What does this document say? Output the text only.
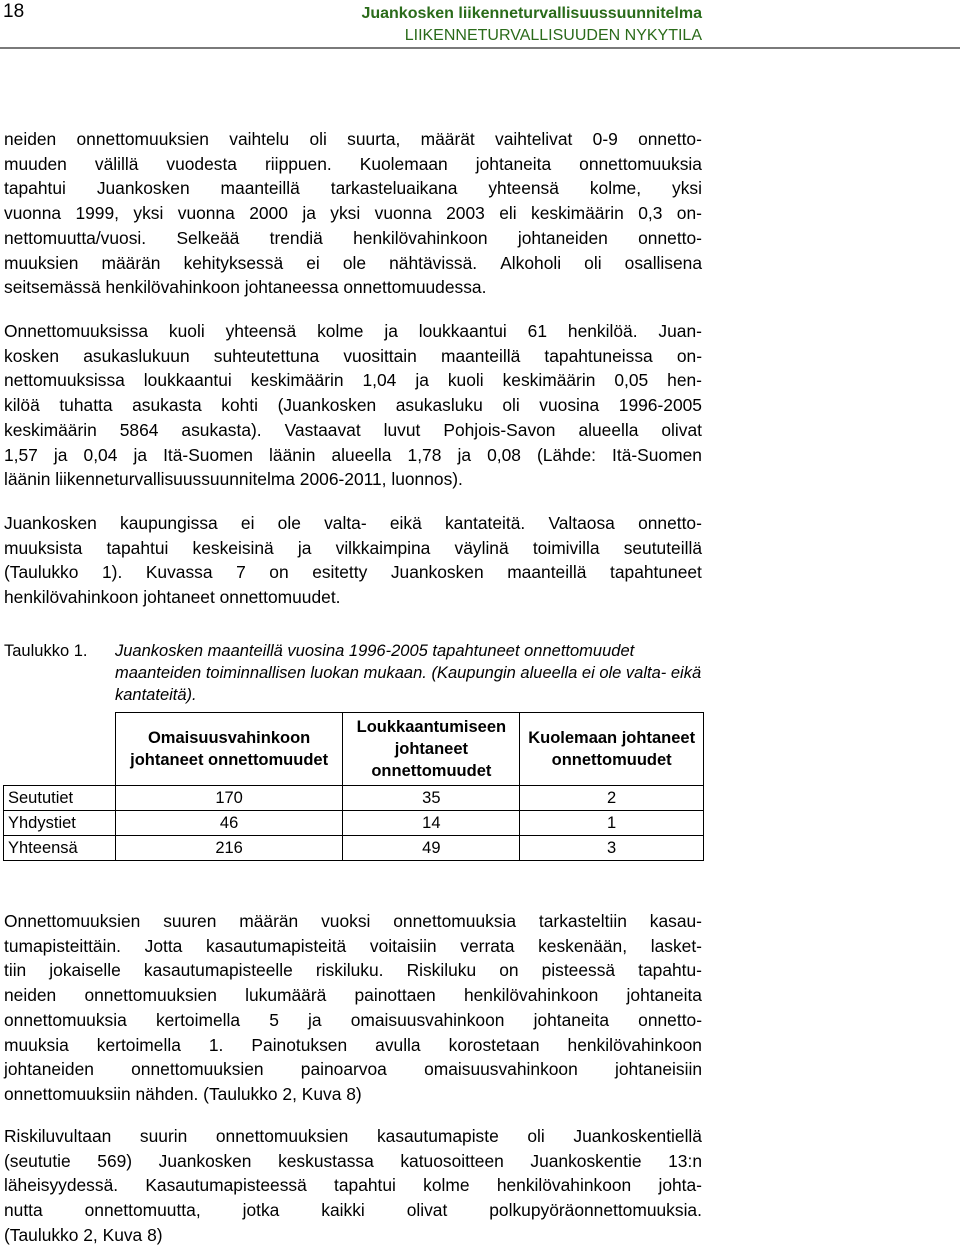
18	Juankosken liikenneturvallisuussuunnitelma
LIIKENNETURVALLISUUDEN NYKYTILA
neiden onnettomuuksien vaihtelu oli suurta, määrät vaihtelivat 0-9 onnetto-
muuden välillä vuodesta riippuen. Kuolemaan johtaneita onnettomuuksia
tapahtui Juankosken maanteillä tarkasteluaikana yhteensä kolme, yksi
vuonna 1999, yksi vuonna 2000 ja yksi vuonna 2003 eli keskimäärin 0,3 on-
nettomuutta/vuosi. Selkeää trendiä henkilövahinkoon johtaneiden onnetto-
muuksien määrän kehityksessä ei ole nähtävissä. Alkoholi oli osallisena
seitsemässä henkilövahinkoon johtaneessa onnettomuudessa.
Onnettomuuksissa kuoli yhteensä kolme ja loukkaantui 61 henkilöä. Juan-
kosken asukaslukuun suhteutettuna vuosittain maanteillä tapahtuneissa on-
nettomuuksissa loukkaantui keskimäärin 1,04 ja kuoli keskimäärin 0,05 hen-
kilöä tuhatta asukasta kohti (Juankosken asukasluku oli vuosina 1996-2005
keskimäärin 5864 asukasta). Vastaavat luvut Pohjois-Savon alueella olivat
1,57 ja 0,04 ja Itä-Suomen läänin alueella 1,78 ja 0,08 (Lähde: Itä-Suomen
läänin liikenneturvallisuussuunnitelma 2006-2011, luonnos).
Juankosken kaupungissa ei ole valta- eikä kantateitä. Valtaosa onnetto-
muuksista tapahtui keskeisinä ja vilkkaimpina väylinä toimivilla seututeillä
(Taulukko 1). Kuvassa 7 on esitetty Juankosken maanteillä tapahtuneet
henkilövahinkoon johtaneet onnettomuudet.
Taulukko 1. Juankosken maanteillä vuosina 1996-2005 tapahtuneet onnettomuudet maanteiden toiminnallisen luokan mukaan. (Kaupungin alueella ei ole valta- eikä kantateitä).
	Omaisuusvahinkoon johtaneet onnettomuudet	Loukkaantumiseen johtaneet onnettomuudet	Kuolemaan johtaneet onnettomuudet
Seututiet	170	35	2
Yhdystiet	46	14	1
Yhteensä	216	49	3
Onnettomuuksien suuren määrän vuoksi onnettomuuksia tarkasteltiin kasau-
tumapisteittäin. Jotta kasautumapisteitä voitaisiin verrata keskenään, lasket-
tiin jokaiselle kasautumapisteelle riskiluku. Riskiluku on pisteessä tapahtu-
neiden onnettomuuksien lukumäärä painottaen henkilövahinkoon johtaneita
onnettomuuksia kertoimella 5 ja omaisuusvahinkoon johtaneita onnetto-
muuksia kertoimella 1. Painotuksen avulla korostetaan henkilövahinkoon
johtaneiden onnettomuuksien painoarvoa omaisuusvahinkoon johtaneisiin
onnettomuuksiin nähden. (Taulukko 2, Kuva 8)
Riskiluvultaan suurin onnettomuuksien kasautumapiste oli Juankoskentiellä
(seututie 569) Juankosken keskustassa katuosoitteen Juankoskentie 13:n
läheisyydessä. Kasautumapisteessä tapahtui kolme henkilövahinkoon johta-
nutta onnettomuutta, jotka kaikki olivat polkupyöräonnettomuuksia.
(Taulukko 2, Kuva 8)
